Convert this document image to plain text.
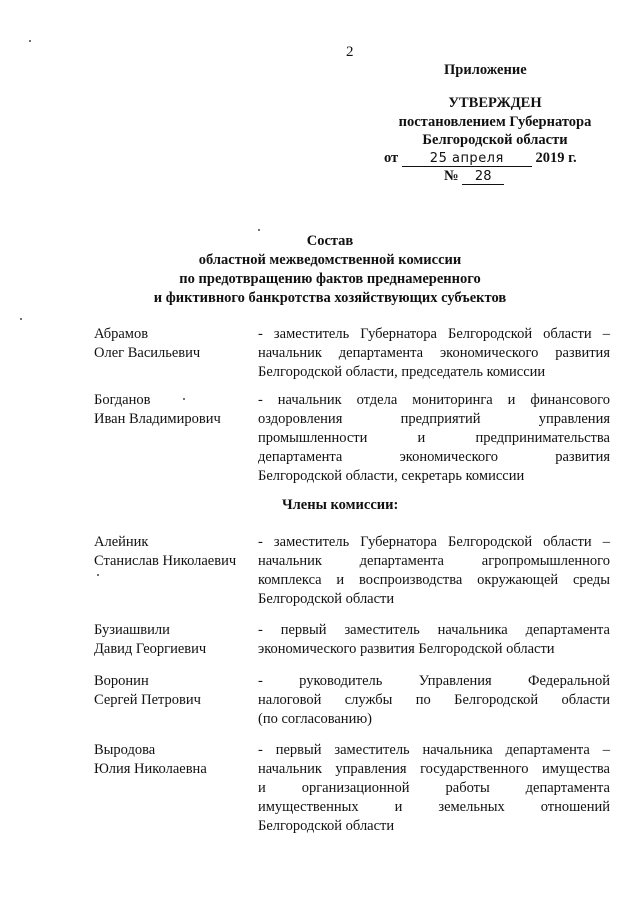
2
Приложение
УТВЕРЖДЕН
постановлением Губернатора
Белгородской области
от 25 апреля 2019 г.
№ 28
Состав
областной межведомственной комиссии
по предотвращению фактов преднамеренного
и фиктивного банкротства хозяйствующих субъектов
Абрамов
Олег Васильевич
- заместитель Губернатора Белгородской области –
начальник департамента экономического развития
Белгородской области, председатель комиссии
Богданов
Иван Владимирович
- начальник отдела мониторинга и финансового
оздоровления предприятий управления
промышленности и предпринимательства
департамента экономического развития
Белгородской области, секретарь комиссии
Члены комиссии:
Алейник
Станислав Николаевич
- заместитель Губернатора Белгородской области –
начальник департамента агропромышленного
комплекса и воспроизводства окружающей среды
Белгородской области
Бузиашвили
Давид Георгиевич
- первый заместитель начальника департамента
экономического развития Белгородской области
Воронин
Сергей Петрович
- руководитель Управления Федеральной
налоговой службы по Белгородской области
(по согласованию)
Выродова
Юлия Николаевна
- первый заместитель начальника департамента –
начальник управления государственного имущества
и организационной работы департамента
имущественных и земельных отношений
Белгородской области
